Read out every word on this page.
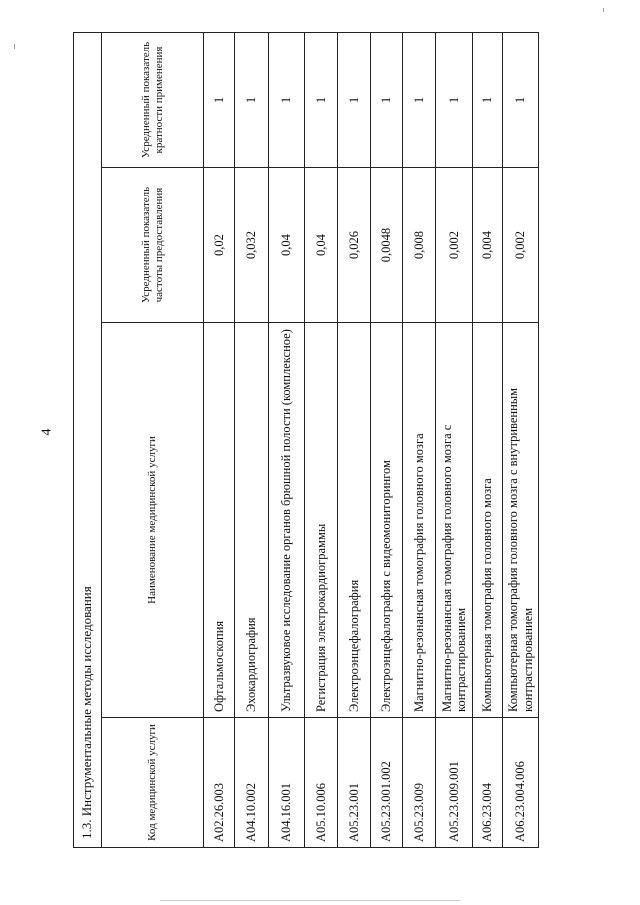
4
1.3. Инструментальные методы исследования			
Код медицинской услуги	Наименование медицинской услуги	Усредненный показатель частоты предоставления	Усредненный показатель кратности применения
A02.26.003	Офтальмоскопия	0,02	1
A04.10.002	Эхокардиография	0,032	1
A04.16.001	Ультразвуковое исследование органов брюшной полости (комплексное)	0,04	1
A05.10.006	Регистрация электрокардиограммы	0,04	1
A05.23.001	Электроэнцефалография	0,026	1
A05.23.001.002	Электроэнцефалография с видеомониторингом	0,0048	1
A05.23.009	Магнитно-резонансная томография головного мозга	0,008	1
A05.23.009.001	Магнитно-резонансная томография головного мозга с контрастированием	0,002	1
A06.23.004	Компьютерная томография головного мозга	0,004	1
A06.23.004.006	Компьютерная томография головного мозга с внутривенным контрастированием	0,002	1
